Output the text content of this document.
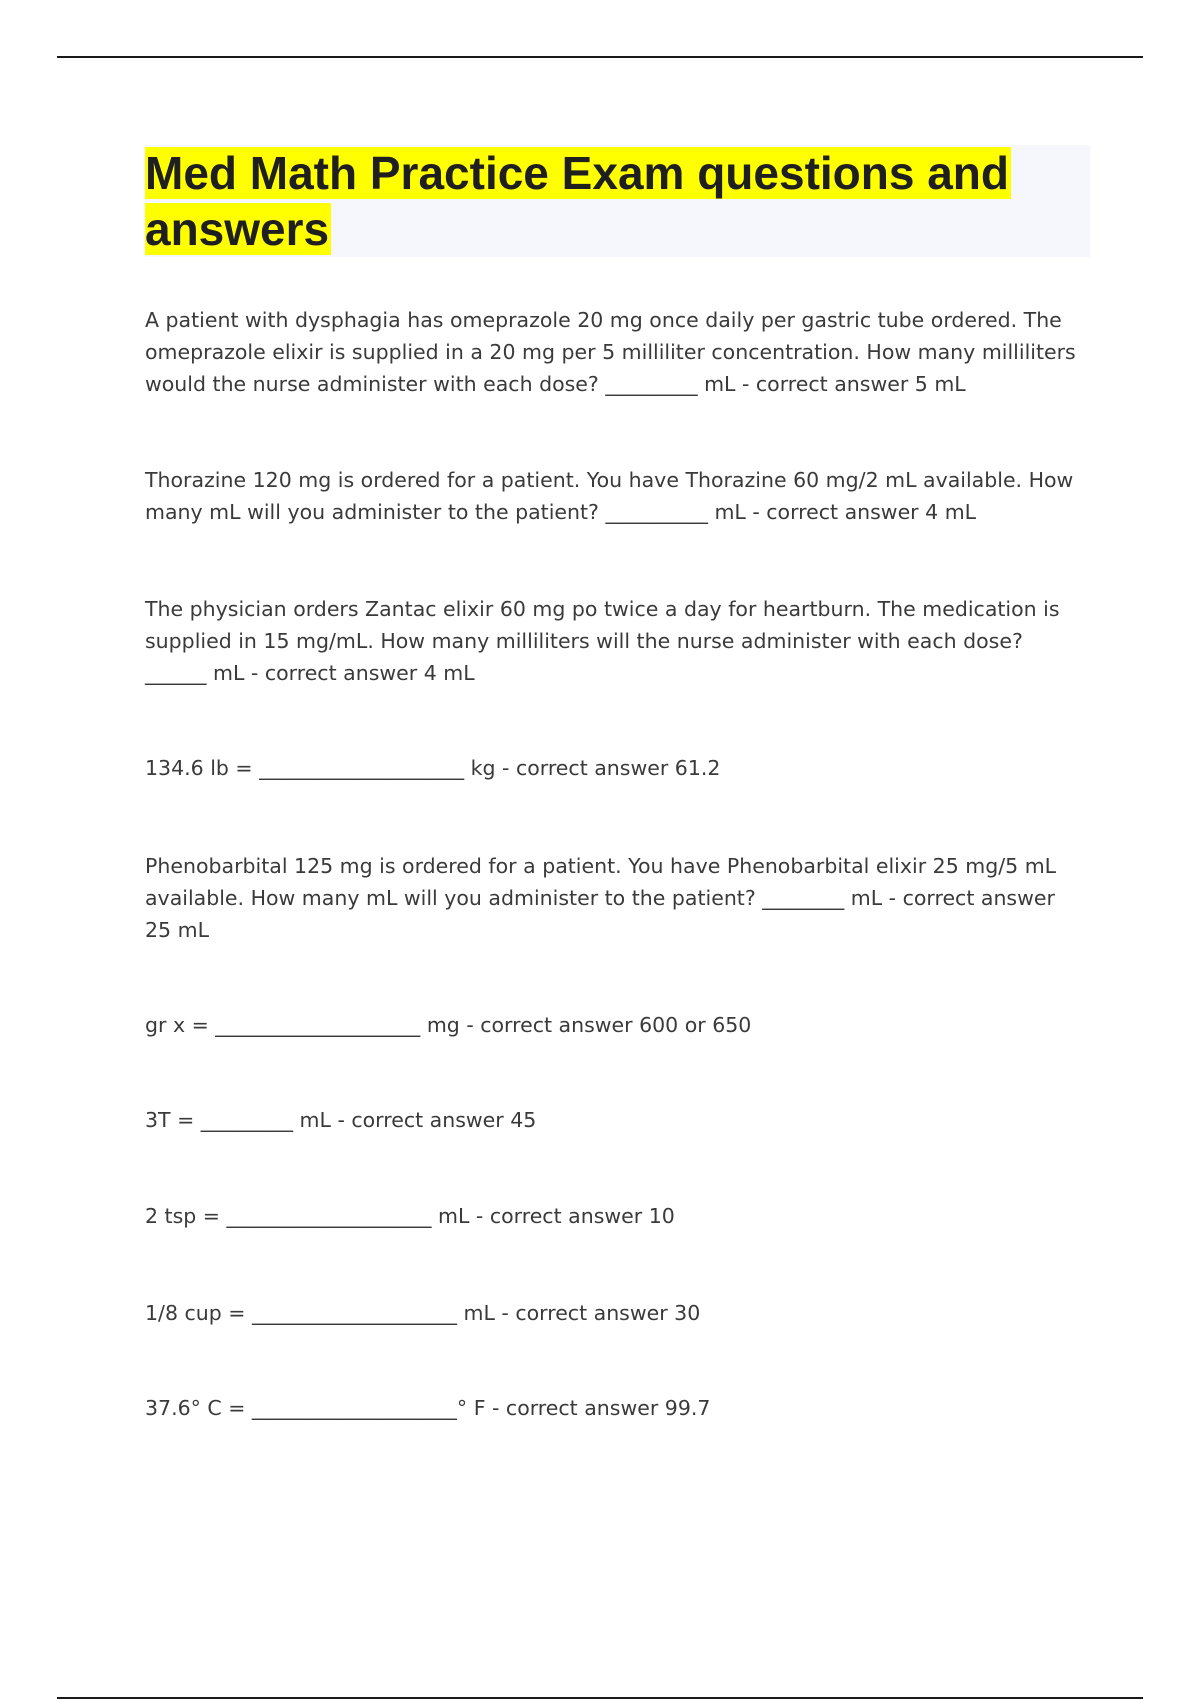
Med Math Practice Exam questions and answers

A patient with dysphagia has omeprazole 20 mg once daily per gastric tube ordered. The omeprazole elixir is supplied in a 20 mg per 5 milliliter concentration. How many milliliters would the nurse administer with each dose? _________ mL - correct answer 5 mL

Thorazine 120 mg is ordered for a patient. You have Thorazine 60 mg/2 mL available. How many mL will you administer to the patient? __________ mL - correct answer 4 mL

The physician orders Zantac elixir 60 mg po twice a day for heartburn. The medication is supplied in 15 mg/mL. How many milliliters will the nurse administer with each dose? ______ mL - correct answer 4 mL

134.6 lb = ____________________ kg - correct answer 61.2

Phenobarbital 125 mg is ordered for a patient. You have Phenobarbital elixir 25 mg/5 mL available. How many mL will you administer to the patient? ________ mL - correct answer 25 mL

gr x = ____________________ mg - correct answer 600 or 650

3T = _________ mL - correct answer 45

2 tsp = ____________________ mL - correct answer 10

1/8 cup = ____________________ mL - correct answer 30

37.6° C = ____________________° F - correct answer 99.7
